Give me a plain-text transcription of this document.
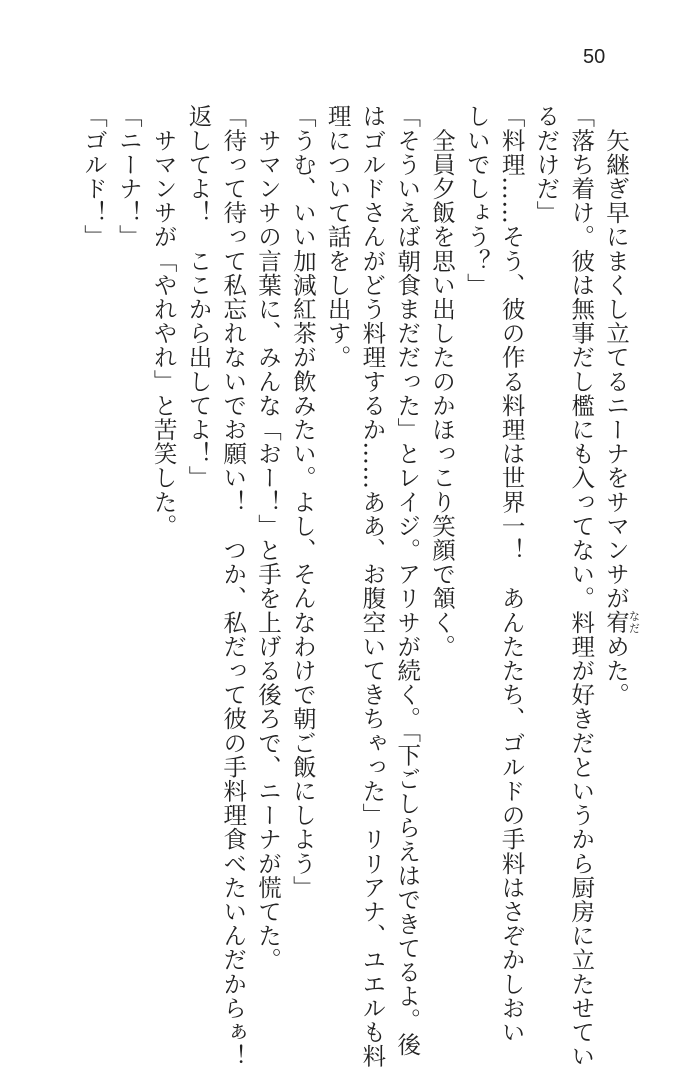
50
　矢継ぎ早にまくし立てるニーナをサマンサが宥なだめた。
「落ち着け。彼は無事だし檻にも入ってない。料理が好きだというから厨房に立たせてい
るだけだ」
「料理……そう、彼の作る料理は世界一！　あんたたち、ゴルドの手料はさぞかしおい
しいでしょう？」
　全員夕飯を思い出したのかほっこり笑顔で頷く。
「そういえば朝食まだだった」とレイジ。アリサが続く。「下ごしらえはできてるよ。後
はゴルドさんがどう料理するか……ああ、お腹空いてきちゃった」リリアナ、ユエルも料
理について話をし出す。
「うむ、いい加減紅茶が飲みたい。よし、そんなわけで朝ご飯にしよう」
　サマンサの言葉に、みんな「おー！」と手を上げる後ろで、ニーナが慌てた。
「待って待って私忘れないでお願い！　つか、私だって彼の手料理食べたいんだからぁ！
返してよ！　ここから出してよ！」
　サマンサが「やれやれ」と苦笑した。
「ニーナ！」
「ゴルド！」
